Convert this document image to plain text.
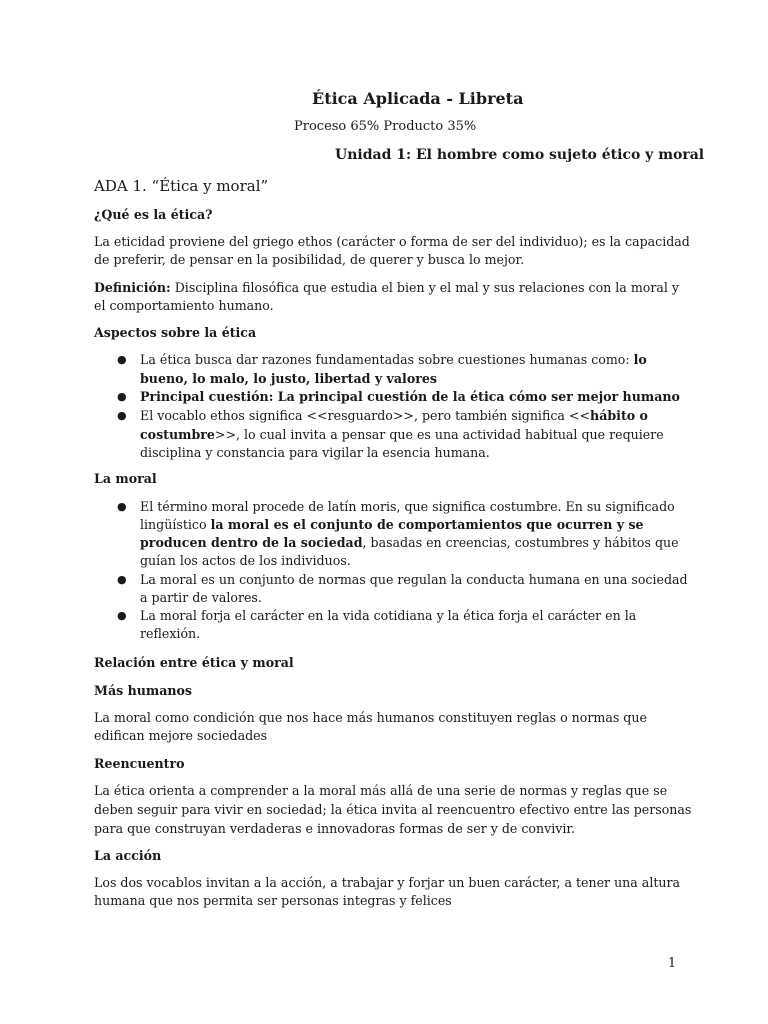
Ética Aplicada - Libreta
Proceso 65% Producto 35%
Unidad 1: El hombre como sujeto ético y moral
ADA 1. “Ética y moral”
¿Qué es la ética?
La eticidad proviene del griego ethos (carácter o forma de ser del individuo); es la capacidad
de preferir, de pensar en la posibilidad, de querer y busca lo mejor.
Definición: Disciplina filosófica que estudia el bien y el mal y sus relaciones con la moral y
el comportamiento humano.
Aspectos sobre la ética
● La ética busca dar razones fundamentadas sobre cuestiones humanas como: lo
bueno, lo malo, lo justo, libertad y valores
● Principal cuestión: La principal cuestión de la ética cómo ser mejor humano
● El vocablo ethos significa <<resguardo>>, pero también significa <<hábito o
costumbre>>, lo cual invita a pensar que es una actividad habitual que requiere
disciplina y constancia para vigilar la esencia humana.
La moral
● El término moral procede de latín moris, que significa costumbre. En su significado
lingüístico la moral es el conjunto de comportamientos que ocurren y se
producen dentro de la sociedad, basadas en creencias, costumbres y hábitos que
guían los actos de los individuos.
● La moral es un conjunto de normas que regulan la conducta humana en una sociedad
a partir de valores.
● La moral forja el carácter en la vida cotidiana y la ética forja el carácter en la
reflexión.
Relación entre ética y moral
Más humanos
La moral como condición que nos hace más humanos constituyen reglas o normas que
edifican mejore sociedades
Reencuentro
La ética orienta a comprender a la moral más allá de una serie de normas y reglas que se
deben seguir para vivir en sociedad; la ética invita al reencuentro efectivo entre las personas
para que construyan verdaderas e innovadoras formas de ser y de convivir.
La acción
Los dos vocablos invitan a la acción, a trabajar y forjar un buen carácter, a tener una altura
humana que nos permita ser personas integras y felices
1
